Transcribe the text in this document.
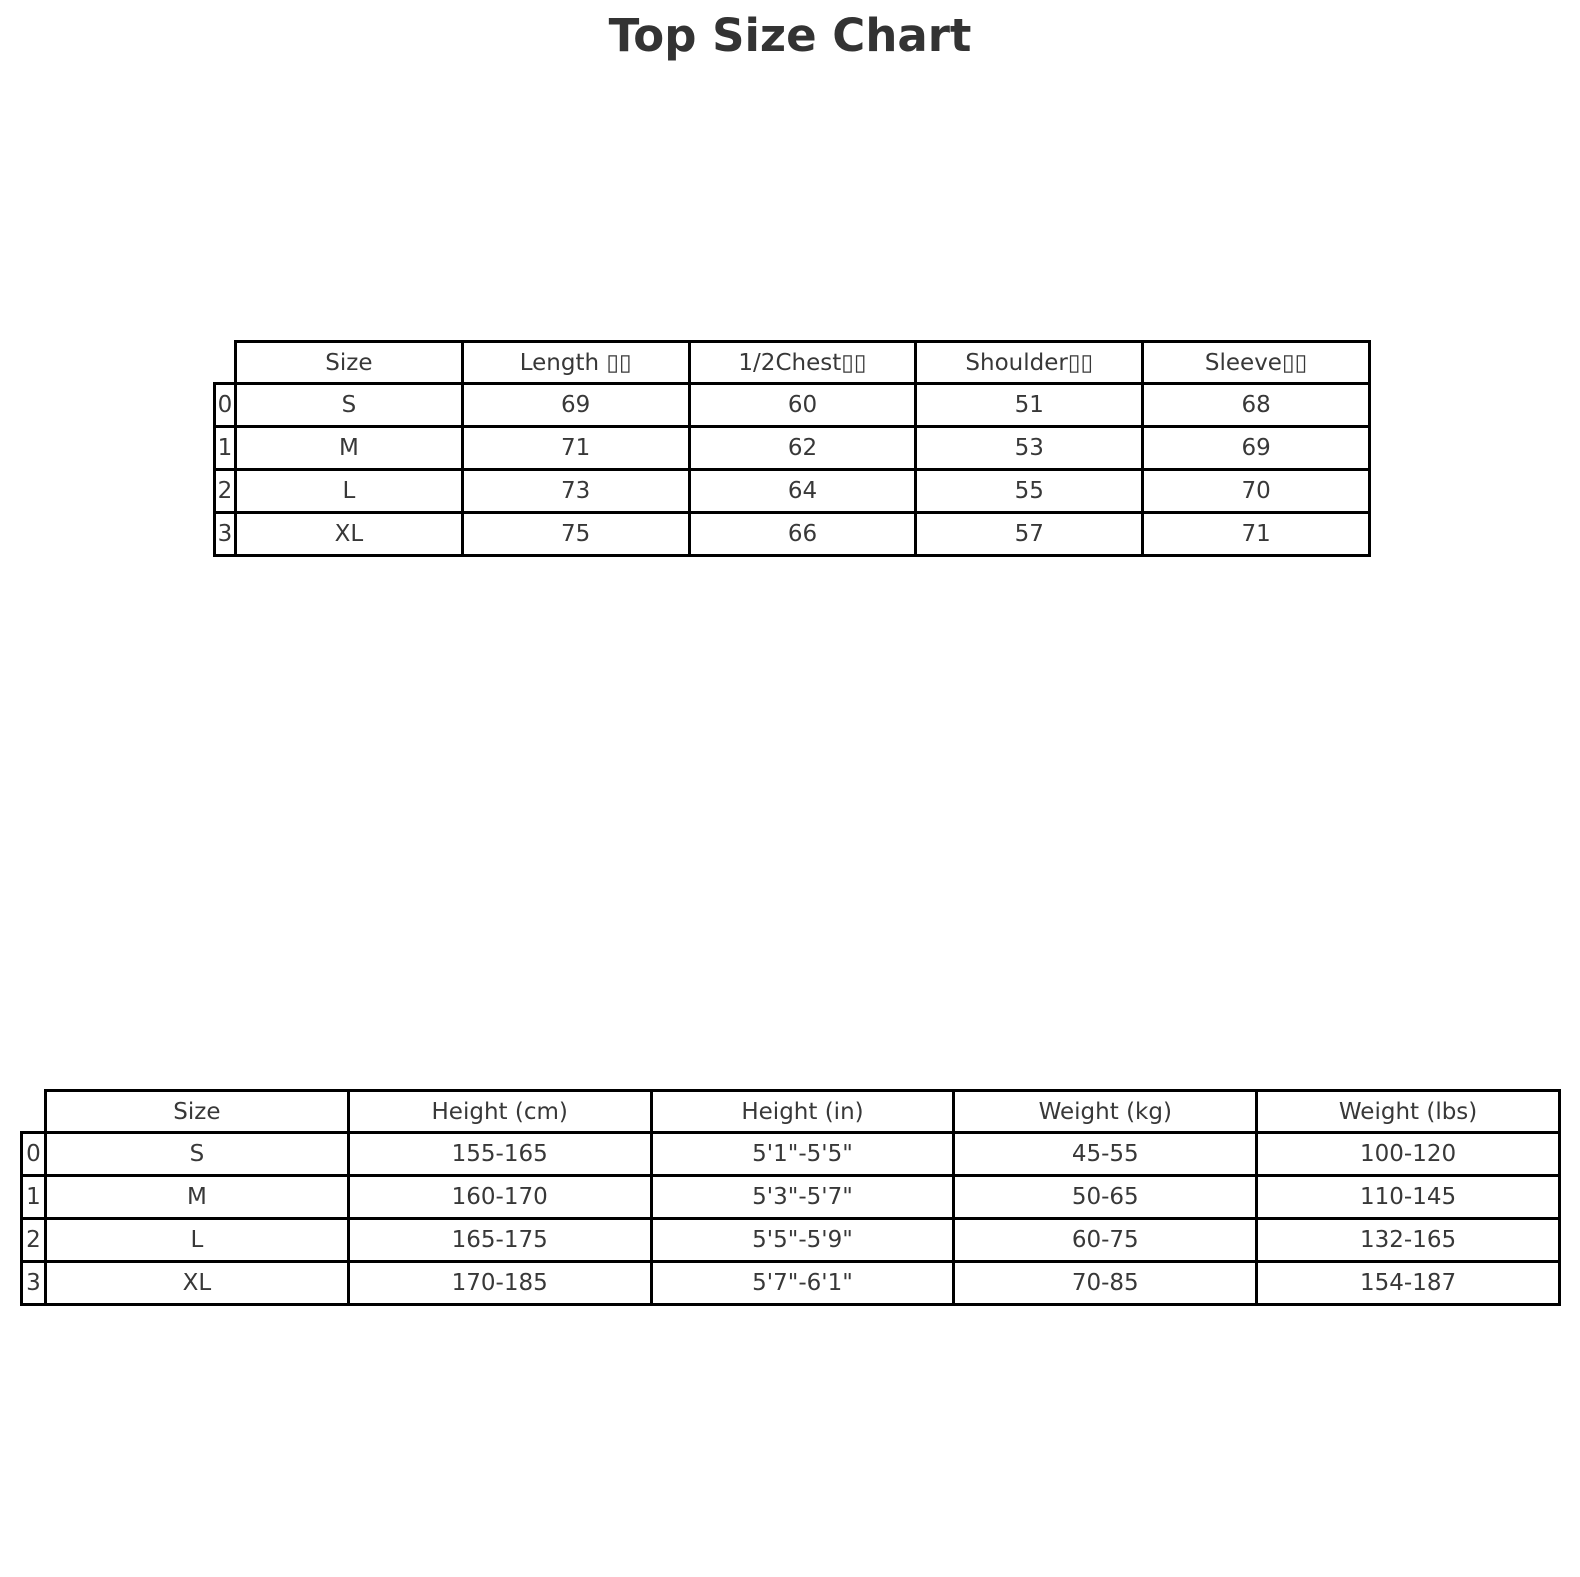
Top Size Chart
	Size	Length ▯▯	1/2Chest▯▯	Shoulder▯▯	Sleeve▯▯
0	S	69	60	51	68
1	M	71	62	53	69
2	L	73	64	55	70
3	XL	75	66	57	71
	Size	Height (cm)	Height (in)	Weight (kg)	Weight (lbs)
0	S	155-165	5'1"-5'5"	45-55	100-120
1	M	160-170	5'3"-5'7"	50-65	110-145
2	L	165-175	5'5"-5'9"	60-75	132-165
3	XL	170-185	5'7"-6'1"	70-85	154-187
